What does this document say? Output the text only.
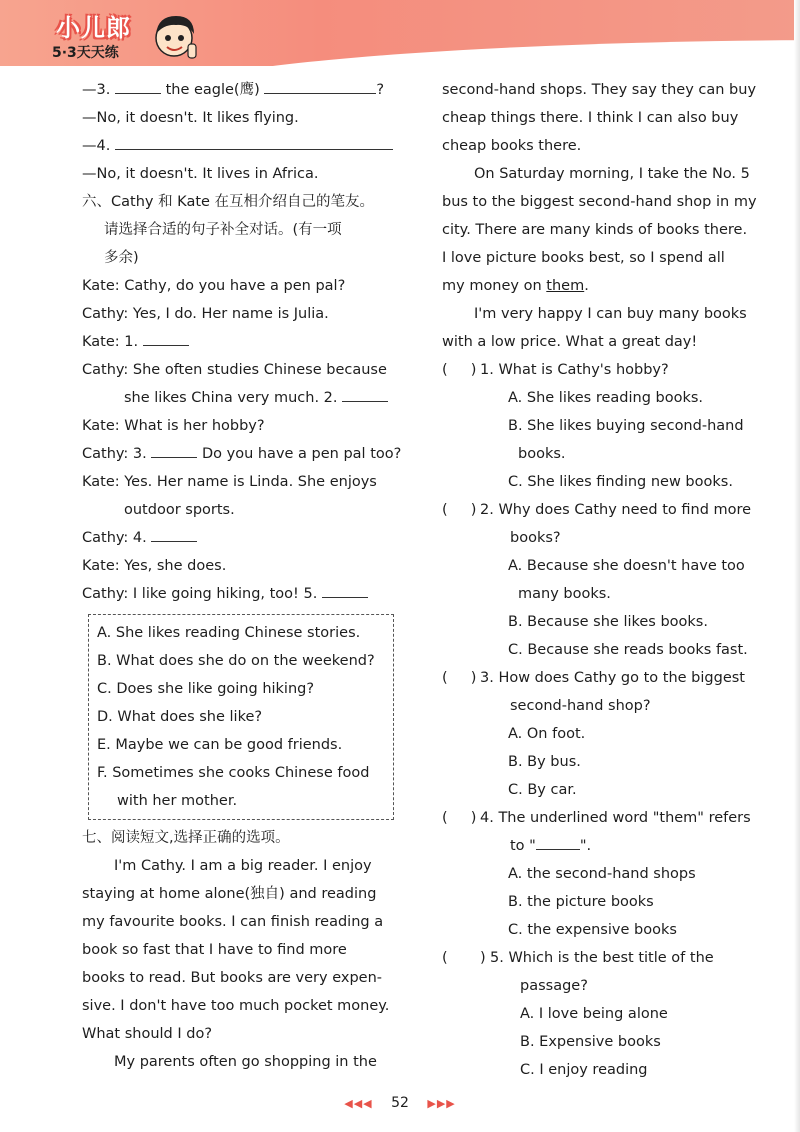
小儿郎
5·3天天练
—3.	the eagle(鹰)	?
—No, it doesn't. It likes flying.
—4.
—No, it doesn't. It lives in Africa.
六、Cathy 和 Kate 在互相介绍自己的笔友。
请选择合适的句子补全对话。(有一项
多余)
Kate: Cathy, do you have a pen pal?
Cathy: Yes, I do. Her name is Julia.
Kate: 1.
Cathy: She often studies Chinese because
she likes China very much. 2.
Kate: What is her hobby?
Cathy: 3.	Do you have a pen pal too?
Kate: Yes. Her name is Linda. She enjoys
outdoor sports.
Cathy: 4.
Kate: Yes, she does.
Cathy: I like going hiking, too! 5.
A. She likes reading Chinese stories.
B. What does she do on the weekend?
C. Does she like going hiking?
D. What does she like?
E. Maybe we can be good friends.
F. Sometimes she cooks Chinese food
with her mother.
七、阅读短文,选择正确的选项。
I'm Cathy. I am a big reader. I enjoy
staying at home alone(独自) and reading
my favourite books. I can finish reading a
book so fast that I have to find more
books to read. But books are very expen-
sive. I don't have too much pocket money.
What should I do?
My parents often go shopping in the
second-hand shops. They say they can buy
cheap things there. I think I can also buy
cheap books there.
On Saturday morning, I take the No. 5
bus to the biggest second-hand shop in my
city. There are many kinds of books there.
I love picture books best, so I spend all
my money on them.
I'm very happy I can buy many books
with a low price. What a great day!
( ) 1. What is Cathy's hobby?
A. She likes reading books.
B. She likes buying second-hand
books.
C. She likes finding new books.
( ) 2. Why does Cathy need to find more
books?
A. Because she doesn't have too
many books.
B. Because she likes books.
C. Because she reads books fast.
( ) 3. How does Cathy go to the biggest
second-hand shop?
A. On foot.
B. By bus.
C. By car.
( ) 4. The underlined word "them" refers
to "	".
A. the second-hand shops
B. the picture books
C. the expensive books
( ) 5. Which is the best title of the
passage?
A. I love being alone
B. Expensive books
C. I enjoy reading
◀◀◀ 52 ▶▶▶
